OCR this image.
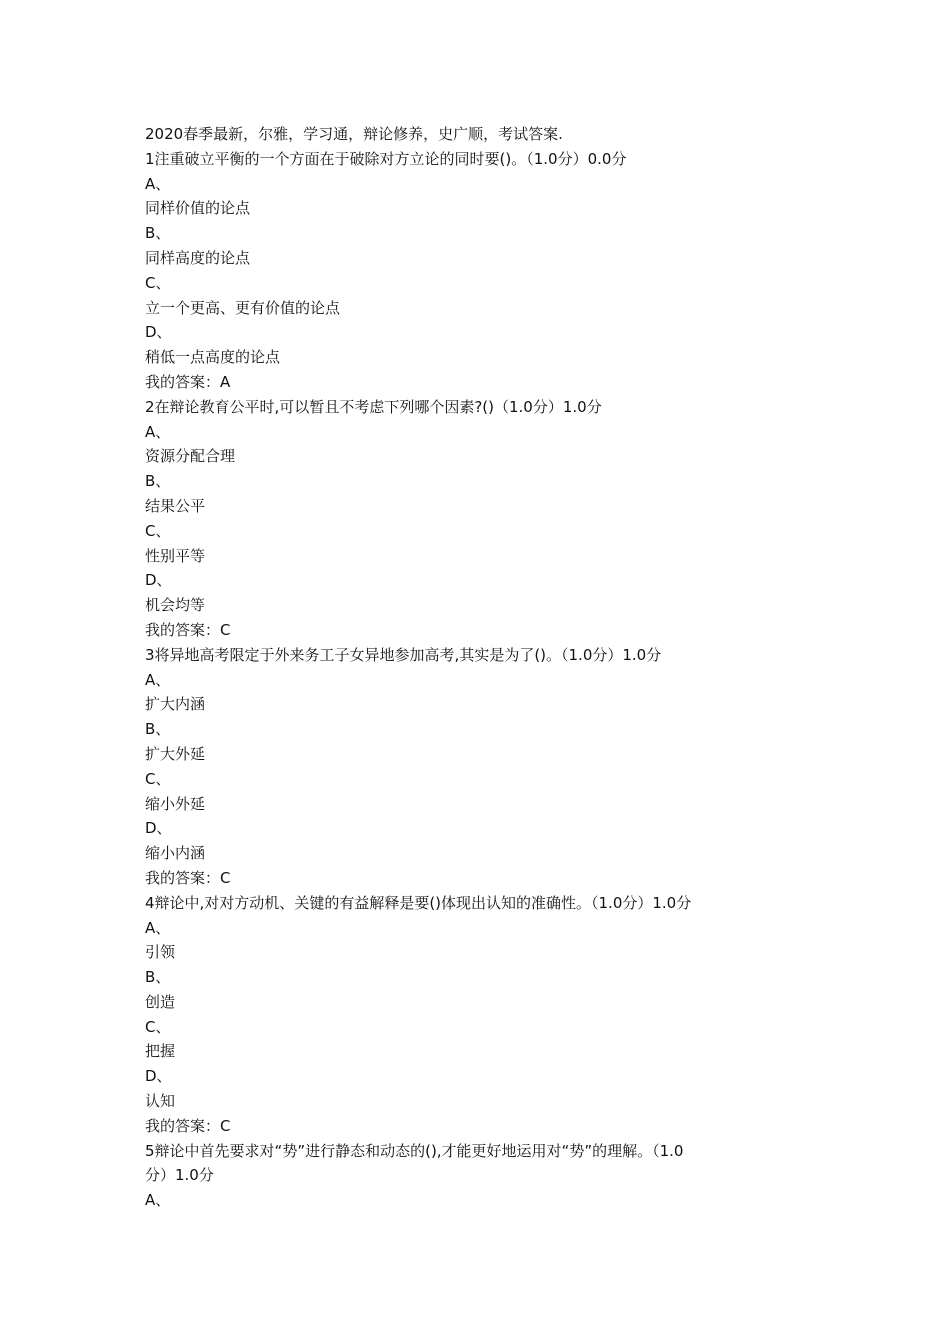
2020春季最新，尔雅，学习通，辩论修养，史广顺，考试答案.

1注重破立平衡的一个方面在于破除对方立论的同时要()。（1.0分）0.0分

A、

同样价值的论点

B、

同样高度的论点

C、

立一个更高、更有价值的论点

D、

稍低一点高度的论点

我的答案：A

2在辩论教育公平时,可以暂且不考虑下列哪个因素?()（1.0分）1.0分

A、

资源分配合理

B、

结果公平

C、

性别平等

D、

机会均等

我的答案：C

3将异地高考限定于外来务工子女异地参加高考,其实是为了()。（1.0分）1.0分

A、

扩大内涵

B、

扩大外延

C、

缩小外延

D、

缩小内涵

我的答案：C

4辩论中,对对方动机、关键的有益解释是要()体现出认知的准确性。（1.0分）1.0分

A、

引领

B、

创造

C、

把握

D、

认知

我的答案：C

5辩论中首先要求对“势”进行静态和动态的(),才能更好地运用对“势”的理解。（1.0

分）1.0分

A、
